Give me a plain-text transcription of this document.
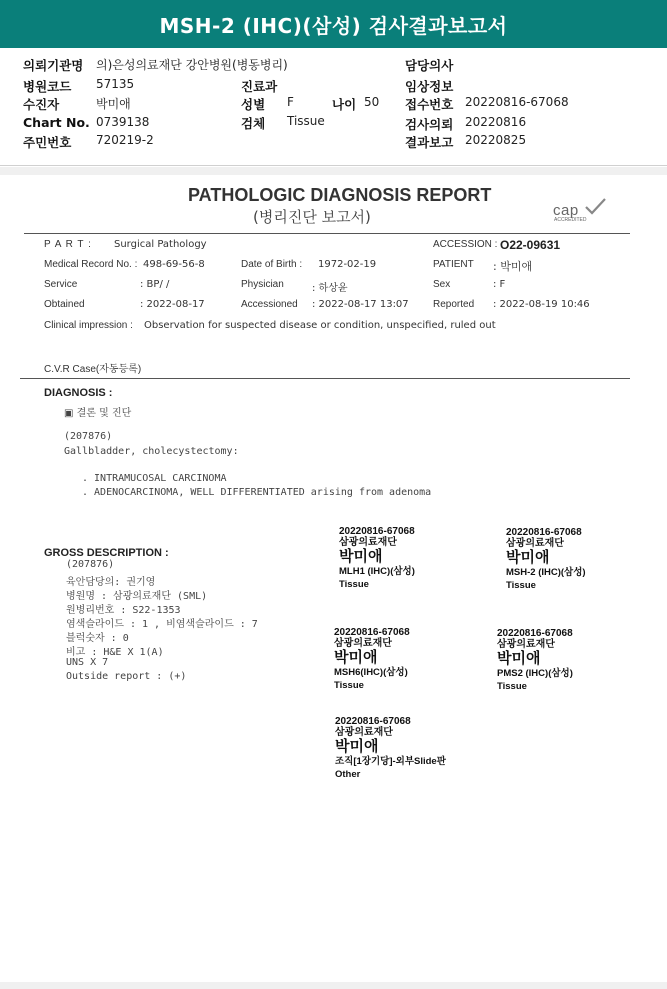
MSH-2 (IHC)(삼성) 검사결과보고서
의뢰기관명 의)은성의료재단 강안병원(병동병리)	담당의사
병원코드 57135	진료과	임상정보
수진자	박미애	성별 F	나이 50 접수번호 20220816-67068
Chart No. 0739138	검체 Tissue	검사의뢰 20220816
주민번호 720219-2	결과보고 20220825
PATHOLOGIC DIAGNOSIS REPORT
(병리진단 보고서)	cap
ACCREDITED
P A R T : Surgical Pathology	ACCESSION : O22-09631
Medical Record No. : 498-69-56-8	Date of Birth : 1972-02-19	PATIENT : 박미애
Service	: BP/ /	Physician	: 하상윤	Sex	: F
Obtained	: 2022-08-17	Accessioned : 2022-08-17 13:07 Reported : 2022-08-19 10:46
Clinical impression : Observation for suspected disease or condition, unspecified, ruled out
C.V.R Case(자동등록)
DIAGNOSIS :
▣ 결론 및 진단
(207876)
Gallbladder, cholecystectomy:
. INTRAMUCOSAL CARCINOMA
. ADENOCARCINOMA, WELL DIFFERENTIATED arising from adenoma
GROSS DESCRIPTION :
(207876)
육안담당의: 권기영
병원명 : 삼광의료재단 (SML)
원병리번호 : S22-1353
염색슬라이드 : 1 , 비염색슬라이드 : 7
블럭숫자 : 0
비고 : H&E X 1(A)
UNS X 7
Outside report : (+)
20220816-67068
삼광의료재단
박미애
MLH1 (IHC)(삼성)
Tissue
20220816-67068
삼광의료재단
박미애
MSH-2 (IHC)(삼성)
Tissue
20220816-67068
삼광의료재단
박미애
MSH6(IHC)(삼성)
Tissue
20220816-67068
삼광의료재단
박미애
PMS2 (IHC)(삼성)
Tissue
20220816-67068
삼광의료재단
박미애
조직[1장기당]-외부Slide판
Other
